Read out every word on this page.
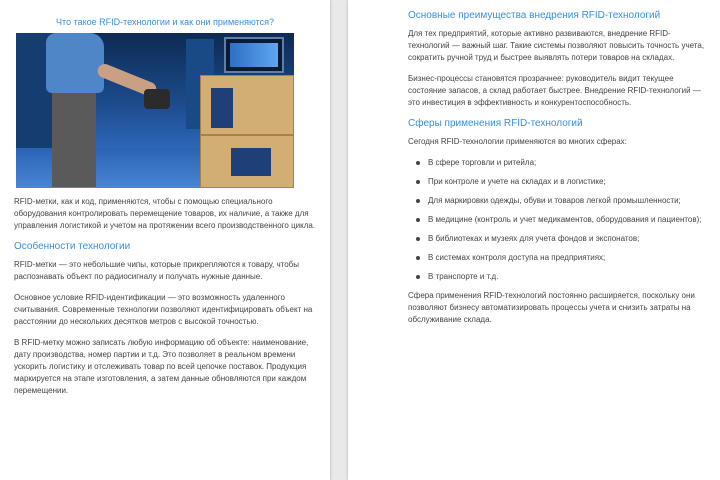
Что такое RFID-технологии и как они применяются?
RFID-метки, как и код, применяются, чтобы с помощью специального оборудования контролировать перемещение товаров, их наличие, а также для управления логистикой и учетом на протяжении всего производственного цикла.
Особенности технологии
RFID-метки — это небольшие чипы, которые прикрепляются к товару, чтобы распознавать объект по радиосигналу и получать нужные данные.
Основное условие RFID-идентификации — это возможность удаленного считывания. Современные технологии позволяют идентифицировать объект на расстоянии до нескольких десятков метров с высокой точностью.
В RFID-метку можно записать любую информацию об объекте: наименование, дату производства, номер партии и т.д. Это позволяет в реальном времени ускорить логистику и отслеживать товар по всей цепочке поставок. Продукция маркируется на этапе изготовления, а затем данные обновляются при каждом перемещении.
Основные преимущества внедрения RFID-технологий
Для тех предприятий, которые активно развиваются, внедрение RFID-технологий — важный шаг. Такие системы позволяют повысить точность учета, сократить ручной труд и быстрее выявлять потери товаров на складах.
Бизнес-процессы становятся прозрачнее: руководитель видит текущее состояние запасов, а склад работает быстрее. Внедрение RFID-технологий — это инвестиция в эффективность и конкурентоспособность.
Сферы применения RFID-технологий
Сегодня RFID-технологии применяются во многих сферах:
В сфере торговли и ритейла;
При контроле и учете на складах и в логистике;
Для маркировки одежды, обуви и товаров легкой промышленности;
В медицине (контроль и учет медикаментов, оборудования и пациентов);
В библиотеках и музеях для учета фондов и экспонатов;
В системах контроля доступа на предприятиях;
В транспорте и т.д.
Сфера применения RFID-технологий постоянно расширяется, поскольку они позволяют бизнесу автоматизировать процессы учета и снизить затраты на обслуживание склада.
